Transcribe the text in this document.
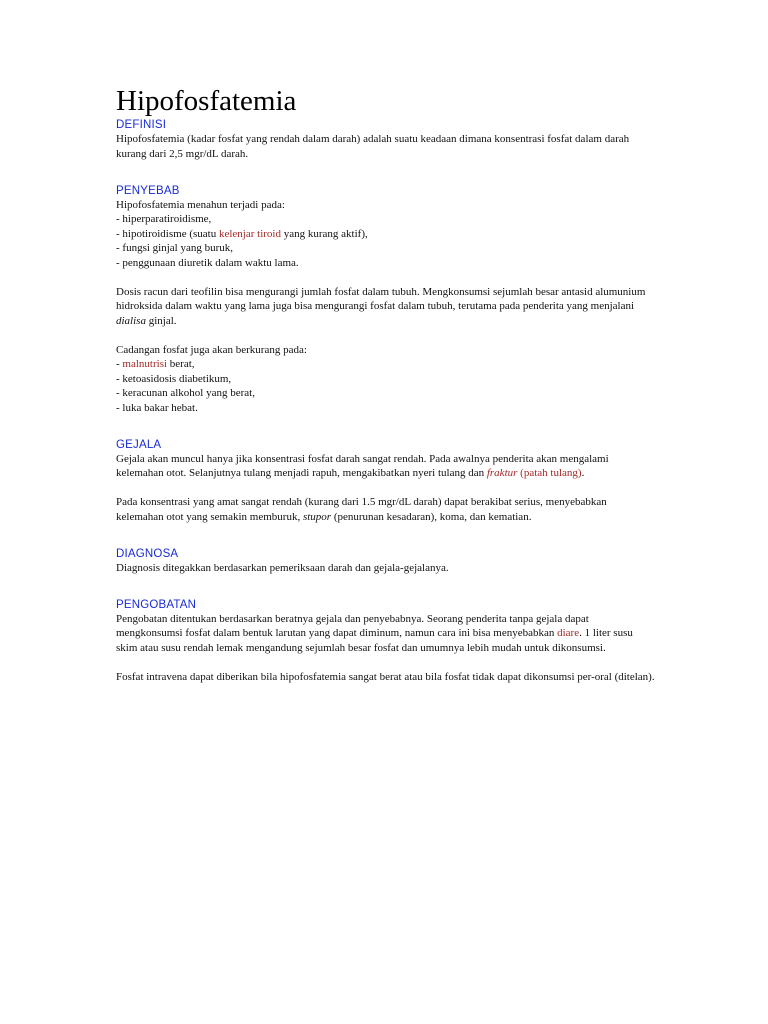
Hipofosfatemia
DEFINISI

Hipofosfatemia (kadar fosfat yang rendah dalam darah) adalah suatu keadaan dimana konsentrasi fosfat dalam darah kurang dari 2,5 mgr/dL darah.

PENYEBAB
Hipofosfatemia menahun terjadi pada:
- hiperparatiroidisme,
- hipotiroidisme (suatu kelenjar tiroid yang kurang aktif),
- fungsi ginjal yang buruk,
- penggunaan diuretik dalam waktu lama.

Dosis racun dari teofilin bisa mengurangi jumlah fosfat dalam tubuh. Mengkonsumsi sejumlah besar antasid alumunium hidroksida dalam waktu yang lama juga bisa mengurangi fosfat dalam tubuh, terutama pada penderita yang menjalani dialisa ginjal.

Cadangan fosfat juga akan berkurang pada:
- malnutrisi berat,
- ketoasidosis diabetikum,
- keracunan alkohol yang berat,
- luka bakar hebat.
GEJALA

Gejala akan muncul hanya jika konsentrasi fosfat darah sangat rendah. Pada awalnya penderita akan mengalami kelemahan otot. Selanjutnya tulang menjadi rapuh, mengakibatkan nyeri tulang dan fraktur (patah tulang).

Pada konsentrasi yang amat sangat rendah (kurang dari 1.5 mgr/dL darah) dapat berakibat serius, menyebabkan kelemahan otot yang semakin memburuk, stupor (penurunan kesadaran), koma, dan kematian.

DIAGNOSA

Diagnosis ditegakkan berdasarkan pemeriksaan darah dan gejala-gejalanya.

PENGOBATAN

Pengobatan ditentukan berdasarkan beratnya gejala dan penyebabnya. Seorang penderita tanpa gejala dapat mengkonsumsi fosfat dalam bentuk larutan yang dapat diminum, namun cara ini bisa menyebabkan diare. 1 liter susu skim atau susu rendah lemak mengandung sejumlah besar fosfat dan umumnya lebih mudah untuk dikonsumsi.

Fosfat intravena dapat diberikan bila hipofosfatemia sangat berat atau bila fosfat tidak dapat dikonsumsi per-oral (ditelan).
